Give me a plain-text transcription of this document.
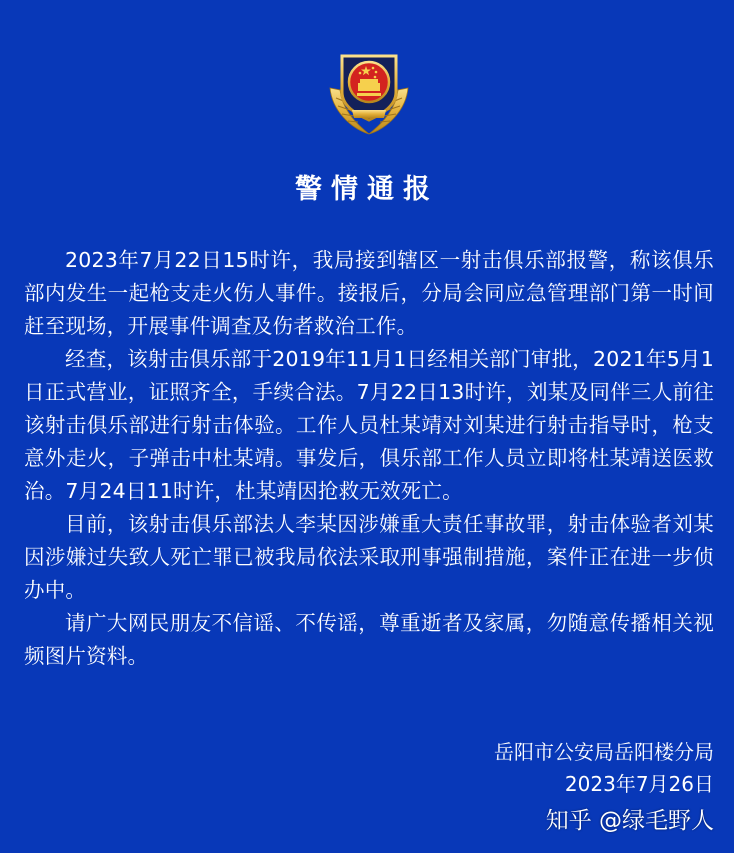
警情通报

2023年7月22日15时许，我局接到辖区一射击俱乐部报警，称该俱乐部内发生一起枪支走火伤人事件。接报后，分局会同应急管理部门第一时间赶至现场，开展事件调查及伤者救治工作。

经查，该射击俱乐部于2019年11月1日经相关部门审批，2021年5月1日正式营业，证照齐全，手续合法。7月22日13时许，刘某及同伴三人前往该射击俱乐部进行射击体验。工作人员杜某靖对刘某进行射击指导时，枪支意外走火，子弹击中杜某靖。事发后，俱乐部工作人员立即将杜某靖送医救治。7月24日11时许，杜某靖因抢救无效死亡。

目前，该射击俱乐部法人李某因涉嫌重大责任事故罪，射击体验者刘某因涉嫌过失致人死亡罪已被我局依法采取刑事强制措施，案件正在进一步侦办中。

请广大网民朋友不信谣、不传谣，尊重逝者及家属，勿随意传播相关视频图片资料。

岳阳市公安局岳阳楼分局
2023年7月26日
知乎 @绿毛野人
